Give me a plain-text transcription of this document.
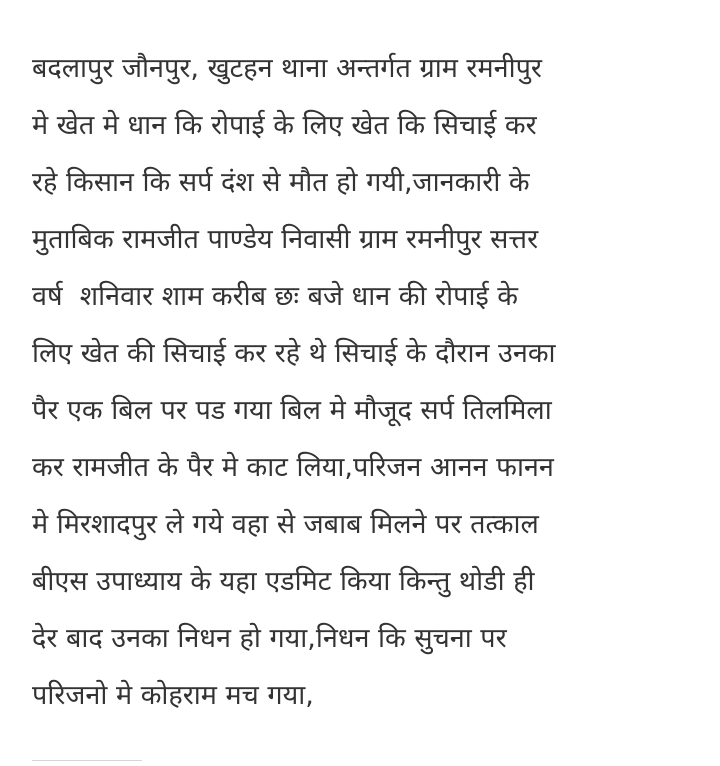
बदलापुर जौनपुर, खुटहन थाना अन्तर्गत ग्राम रमनीपुर
मे खेत मे धान कि रोपाई के लिए खेत कि सिचाई कर
रहे किसान कि सर्प दंश से मौत हो गयी,जानकारी के
मुताबिक रामजीत पाण्डेय निवासी ग्राम रमनीपुर सत्तर
वर्ष  शनिवार शाम करीब छः बजे धान की रोपाई के
लिए खेत की सिचाई कर रहे थे सिचाई के दौरान उनका
पैर एक बिल पर पड गया बिल मे मौजूद सर्प तिलमिला
कर रामजीत के पैर मे काट लिया,परिजन आनन फानन
मे मिरशादपुर ले गये वहा से जबाब मिलने पर तत्काल
बीएस उपाध्याय के यहा एडमिट किया किन्तु थोडी ही
देर बाद उनका निधन हो गया,निधन कि सुचना पर
परिजनो मे कोहराम मच गया,
